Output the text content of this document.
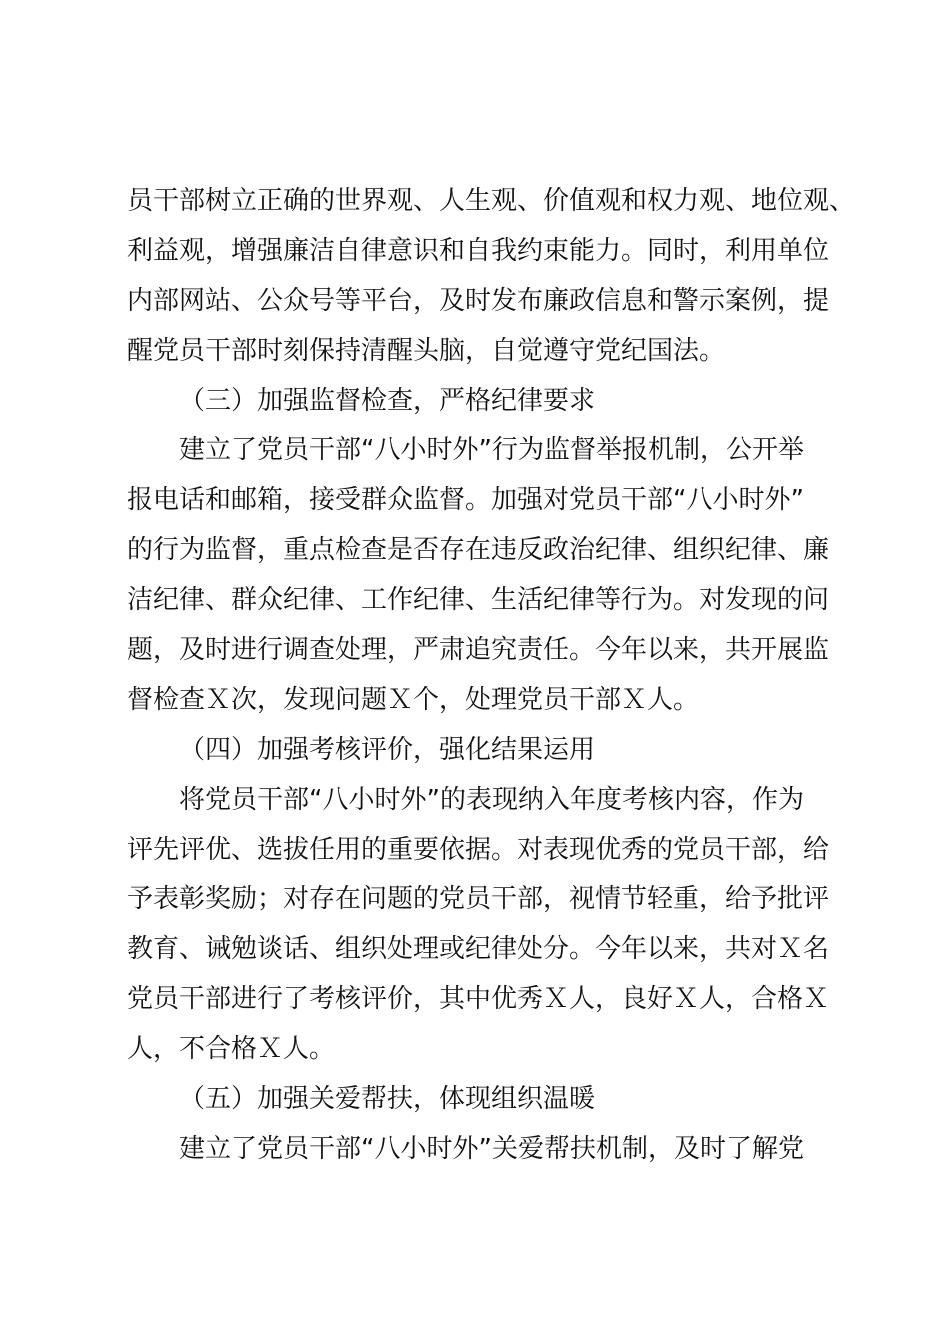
员干部树立正确的世界观、人生观、价值观和权力观、地位观、
利益观，增强廉洁自律意识和自我约束能力。同时，利用单位
内部网站、公众号等平台，及时发布廉政信息和警示案例，提
醒党员干部时刻保持清醒头脑，自觉遵守党纪国法。
（三）加强监督检查，严格纪律要求
建立了党员干部“八小时外”行为监督举报机制，公开举
报电话和邮箱，接受群众监督。加强对党员干部“八小时外”
的行为监督，重点检查是否存在违反政治纪律、组织纪律、廉
洁纪律、群众纪律、工作纪律、生活纪律等行为。对发现的问
题，及时进行调查处理，严肃追究责任。今年以来，共开展监
督检查Ｘ次，发现问题Ｘ个，处理党员干部Ｘ人。
（四）加强考核评价，强化结果运用
将党员干部“八小时外”的表现纳入年度考核内容，作为
评先评优、选拔任用的重要依据。对表现优秀的党员干部，给
予表彰奖励；对存在问题的党员干部，视情节轻重，给予批评
教育、诫勉谈话、组织处理或纪律处分。今年以来，共对Ｘ名
党员干部进行了考核评价，其中优秀Ｘ人，良好Ｘ人，合格Ｘ
人，不合格Ｘ人。
（五）加强关爱帮扶，体现组织温暖
建立了党员干部“八小时外”关爱帮扶机制，及时了解党
